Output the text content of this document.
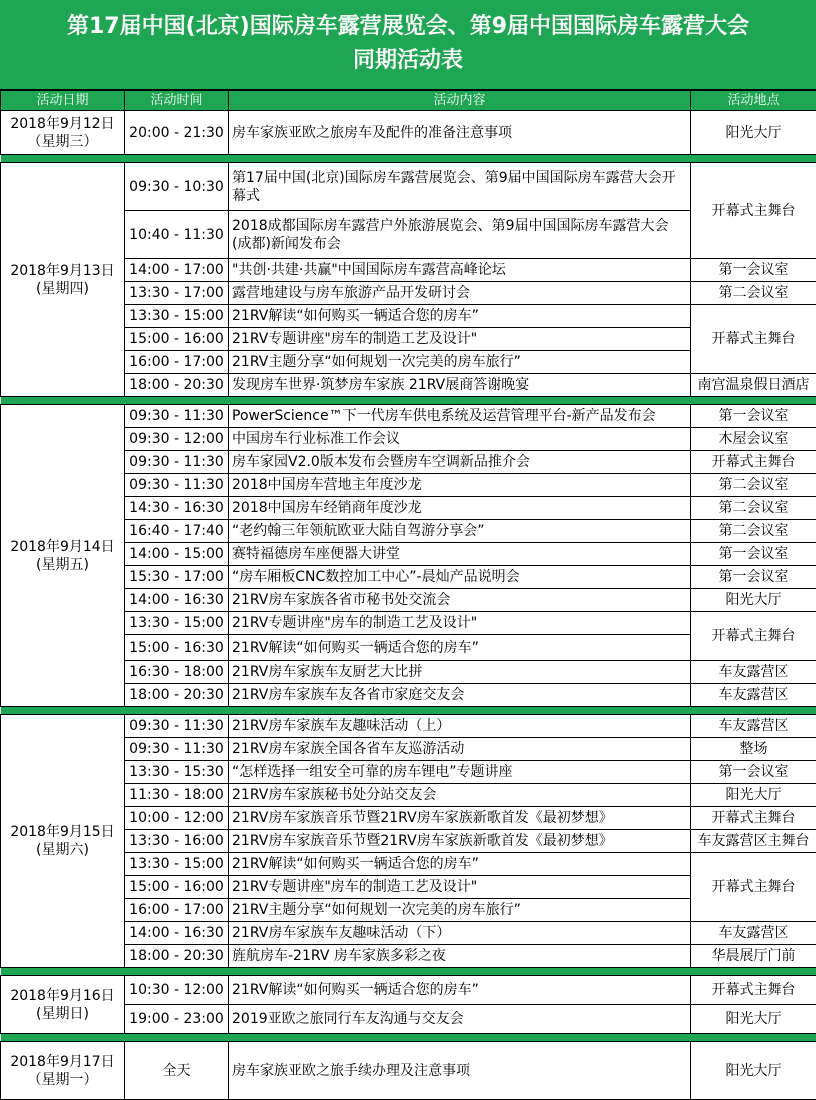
第17届中国(北京)国际房车露营展览会、第9届中国国际房车露营大会
同期活动表
活动日期	活动时间	活动内容	活动地点

2018年9月12日
（星期三）	20:00 - 21:30	房车家族亚欧之旅房车及配件的准备注意事项	阳光大厅

2018年9月13日
(星期四)	09:30 - 10:30	第17届中国(北京)国际房车露营展览会、第9届中国国际房车露营大会开幕式	开幕式主舞台
	10:40 - 11:30	2018成都国际房车露营户外旅游展览会、第9届中国国际房车露营大会(成都)新闻发布会	
	14:00 - 17:00	"共创·共建·共赢"中国国际房车露营高峰论坛	第一会议室
	13:30 - 17:00	露营地建设与房车旅游产品开发研讨会	第二会议室
	13:30 - 15:00	21RV解读“如何购买一辆适合您的房车”	开幕式主舞台
	15:00 - 16:00	21RV专题讲座"房车的制造工艺及设计"	
	16:00 - 17:00	21RV主题分享“如何规划一次完美的房车旅行”	
	18:00 - 20:30	发现房车世界·筑梦房车家族 21RV展商答谢晚宴	南宫温泉假日酒店

2018年9月14日
(星期五)	09:30 - 11:30	PowerScience™下一代房车供电系统及运营管理平台-新产品发布会	第一会议室
	09:30 - 12:00	中国房车行业标准工作会议	木屋会议室
	09:30 - 11:30	房车家园V2.0版本发布会暨房车空调新品推介会	开幕式主舞台
	09:30 - 11:30	2018中国房车营地主年度沙龙	第二会议室
	14:30 - 16:30	2018中国房车经销商年度沙龙	第二会议室
	16:40 - 17:40	“老约翰三年领航欧亚大陆自驾游分享会”	第二会议室
	14:00 - 15:00	赛特福德房车座便器大讲堂	第一会议室
	15:30 - 17:00	“房车厢板CNC数控加工中心”-晨灿产品说明会	第一会议室
	14:00 - 16:30	21RV房车家族各省市秘书处交流会	阳光大厅
	13:30 - 15:00	21RV专题讲座"房车的制造工艺及设计"	开幕式主舞台
	15:00 - 16:30	21RV解读“如何购买一辆适合您的房车”	
	16:30 - 18:00	21RV房车家族车友厨艺大比拼	车友露营区
	18:00 - 20:30	21RV房车家族车友各省市家庭交友会	车友露营区

2018年9月15日
(星期六)	09:30 - 11:30	21RV房车家族车友趣味活动（上）	车友露营区
	09:30 - 11:30	21RV房车家族全国各省车友巡游活动	整场
	13:30 - 15:30	“怎样选择一组安全可靠的房车锂电”专题讲座	第一会议室
	11:30 - 18:00	21RV房车家族秘书处分站交友会	阳光大厅
	10:00 - 12:00	21RV房车家族音乐节暨21RV房车家族新歌首发《最初梦想》	开幕式主舞台
	13:30 - 16:00	21RV房车家族音乐节暨21RV房车家族新歌首发《最初梦想》	车友露营区主舞台
	13:30 - 15:00	21RV解读“如何购买一辆适合您的房车”	开幕式主舞台
	15:00 - 16:00	21RV专题讲座"房车的制造工艺及设计"	
	16:00 - 17:00	21RV主题分享“如何规划一次完美的房车旅行”	
	14:00 - 16:30	21RV房车家族车友趣味活动（下）	车友露营区
	18:00 - 20:30	旌航房车-21RV 房车家族多彩之夜	华晨展厅门前

2018年9月16日
(星期日)	10:30 - 12:00	21RV解读“如何购买一辆适合您的房车”	开幕式主舞台
	19:00 - 23:00	2019亚欧之旅同行车友沟通与交友会	阳光大厅

2018年9月17日
（星期一）	全天	房车家族亚欧之旅手续办理及注意事项	阳光大厅
